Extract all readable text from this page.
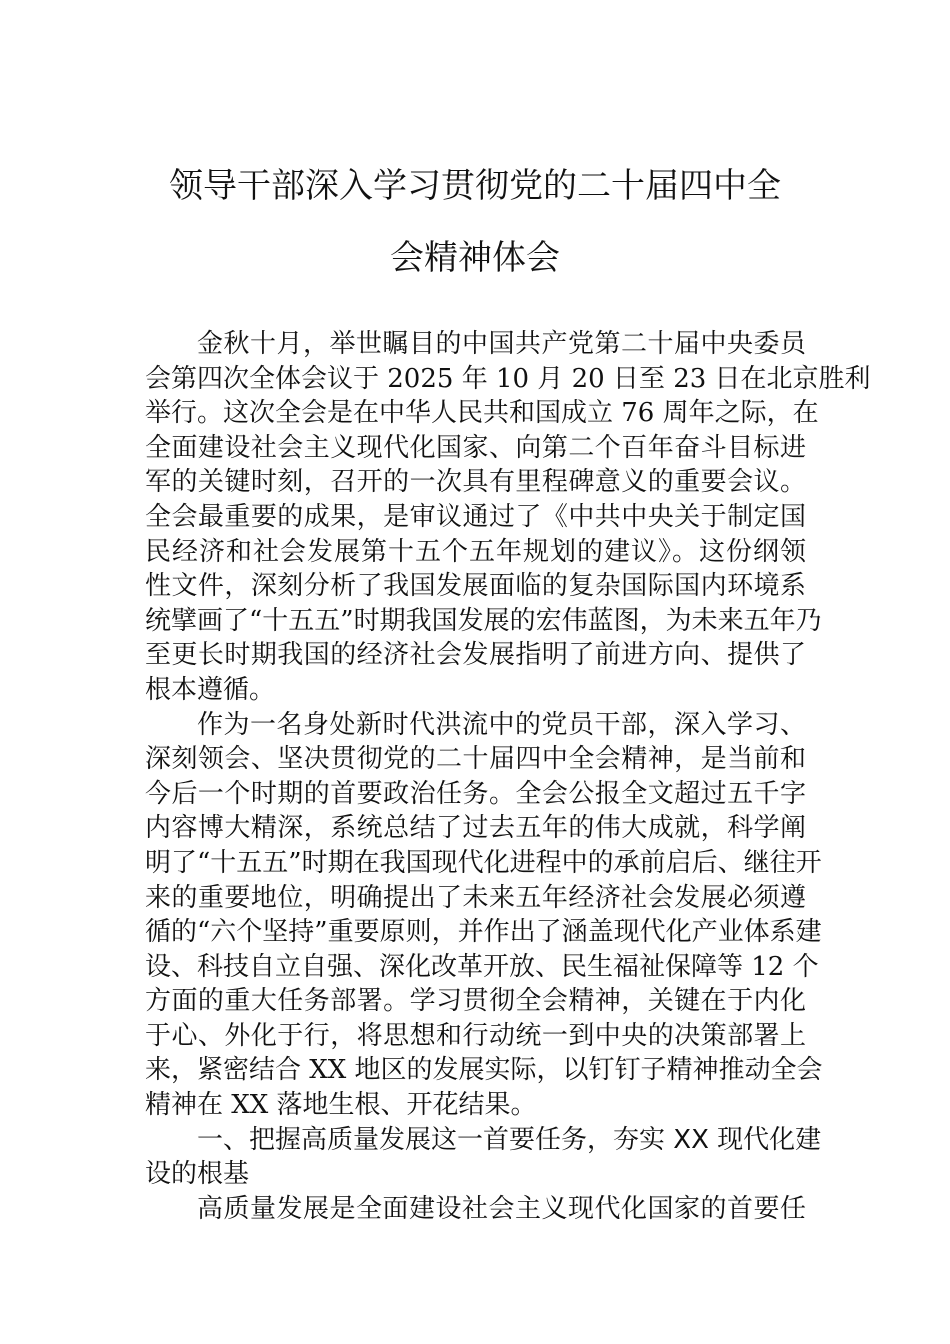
领导干部深入学习贯彻党的二十届四中全
会精神体会
金秋十月，举世瞩目的中国共产党第二十届中央委员
会第四次全体会议于 2025 年 10 月 20 日至 23 日在北京胜利
举行。这次全会是在中华人民共和国成立 76 周年之际，在
全面建设社会主义现代化国家、向第二个百年奋斗目标进
军的关键时刻，召开的一次具有里程碑意义的重要会议。
全会最重要的成果，是审议通过了《中共中央关于制定国
民经济和社会发展第十五个五年规划的建议》。这份纲领
性文件，深刻分析了我国发展面临的复杂国际国内环境系
统擘画了“十五五”时期我国发展的宏伟蓝图，为未来五年乃
至更长时期我国的经济社会发展指明了前进方向、提供了
根本遵循。
作为一名身处新时代洪流中的党员干部，深入学习、
深刻领会、坚决贯彻党的二十届四中全会精神，是当前和
今后一个时期的首要政治任务。全会公报全文超过五千字
内容博大精深，系统总结了过去五年的伟大成就，科学阐
明了“十五五”时期在我国现代化进程中的承前启后、继往开
来的重要地位，明确提出了未来五年经济社会发展必须遵
循的“六个坚持”重要原则，并作出了涵盖现代化产业体系建
设、科技自立自强、深化改革开放、民生福祉保障等 12 个
方面的重大任务部署。学习贯彻全会精神，关键在于内化
于心、外化于行，将思想和行动统一到中央的决策部署上
来，紧密结合 XX 地区的发展实际，以钉钉子精神推动全会
精神在 XX 落地生根、开花结果。
一、把握高质量发展这一首要任务，夯实 XX 现代化建
设的根基
高质量发展是全面建设社会主义现代化国家的首要任
